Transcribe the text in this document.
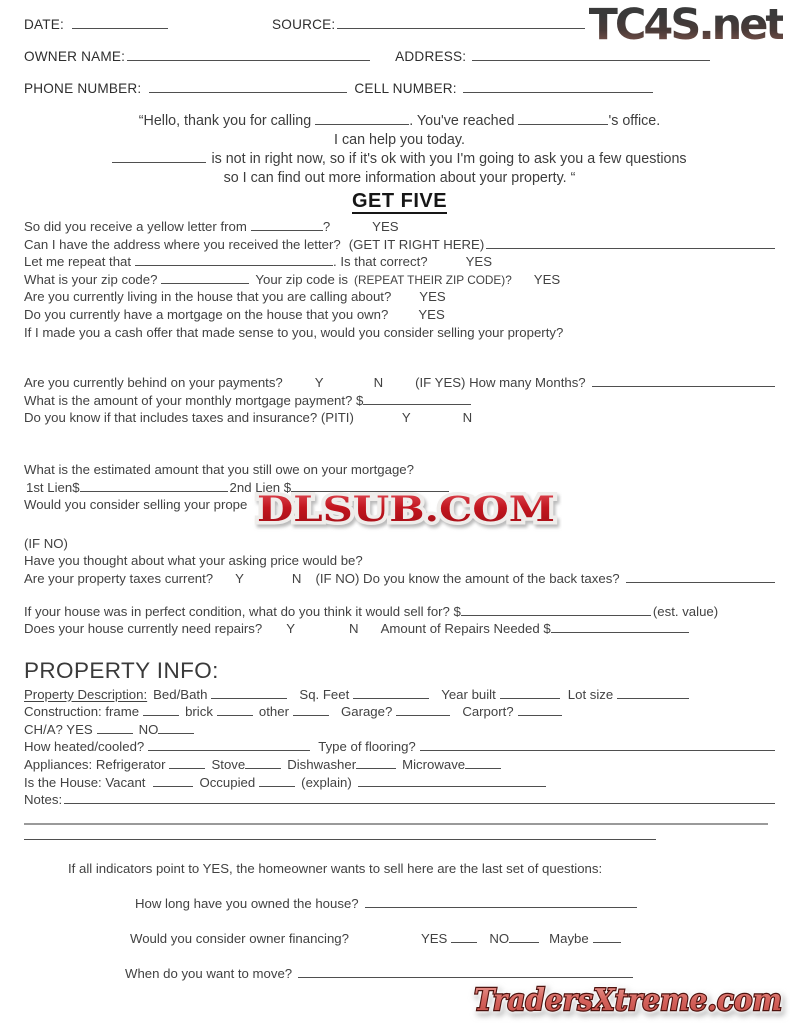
TC4S.net
DATE:	SOURCE:
OWNER NAME:	ADDRESS:
PHONE NUMBER:	CELL NUMBER:
“Hello, thank you for calling	. You've reached	's office.
I can help you today.
is not in right now, so if it's ok with you I'm going to ask you a few questions
so I can find out more information about your property. “
GET FIVE
So did you receive a yellow letter from	?	YES
Can I have the address where you received the letter? (GET IT RIGHT HERE)
Let me repeat that	. Is that correct?	YES
What is your zip code?	Your zip code is (REPEAT THEIR ZIP CODE)? YES
Are you currently living in the house that you are calling about? YES
Do you currently have a mortgage on the house that you own? YES
If I made you a cash offer that made sense to you, would you consider selling your property?
Are you currently behind on your payments? Y	N (IF YES) How many Months?
What is the amount of your monthly mortgage payment? $
Do you know if that includes taxes and insurance? (PITI)	Y	N
What is the estimated amount that you still owe on your mortgage?
1st Lien$	2nd Lien $
Would you consider selling your prope
(IF NO)
Have you thought about what your asking price would be?
Are your property taxes current? Y	N (IF NO) Do you know the amount of the back taxes?
If your house was in perfect condition, what do you think it would sell for? $	(est. value)
Does your house currently need repairs? Y	N Amount of Repairs Needed $
PROPERTY INFO:
Property Description: Bed/Bath	Sq. Feet	Year built	Lot size
Construction: frame	brick	other	Garage?	Carport?
CH/A? YES	NO
How heated/cooled?	Type of flooring?
Appliances: Refrigerator	Stove	Dishwasher	Microwave
Is the House: Vacant	Occupied	(explain)
Notes:
If all indicators point to YES, the homeowner wants to sell here are the last set of questions:
How long have you owned the house?
Would you consider owner financing?	YES	NO	Maybe
When do you want to move?
DLSUB.COM
TradersXtreme.com
